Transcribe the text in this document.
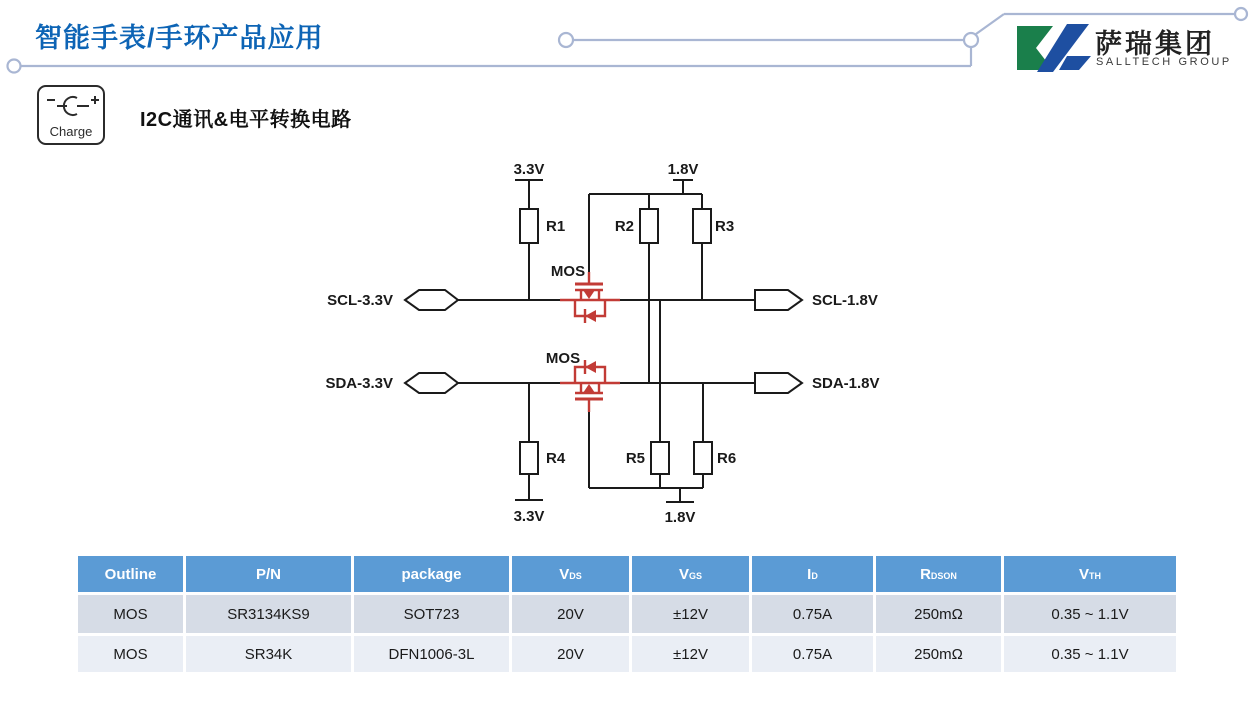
智能手表/手环产品应用	萨瑞集团
SALLTECH GROUP
Charge
I2C通讯&电平转换电路
3.3V	1.8V
R1	R2	R3
MOS
SCL-3.3V	SCL-1.8V
MOS
SDA-3.3V	SDA-1.8V
R4	R5	R6
3.3V	1.8V
Outline	P/N	package	V DS	V GS	I D	R DSON	V TH
MOS	SR3134KS9	SOT723	20V	±12V	0.75A	250mΩ	0.35 ~ 1.1V
MOS	SR34K	DFN1006-3L	20V	±12V	0.75A	250mΩ	0.35 ~ 1.1V
